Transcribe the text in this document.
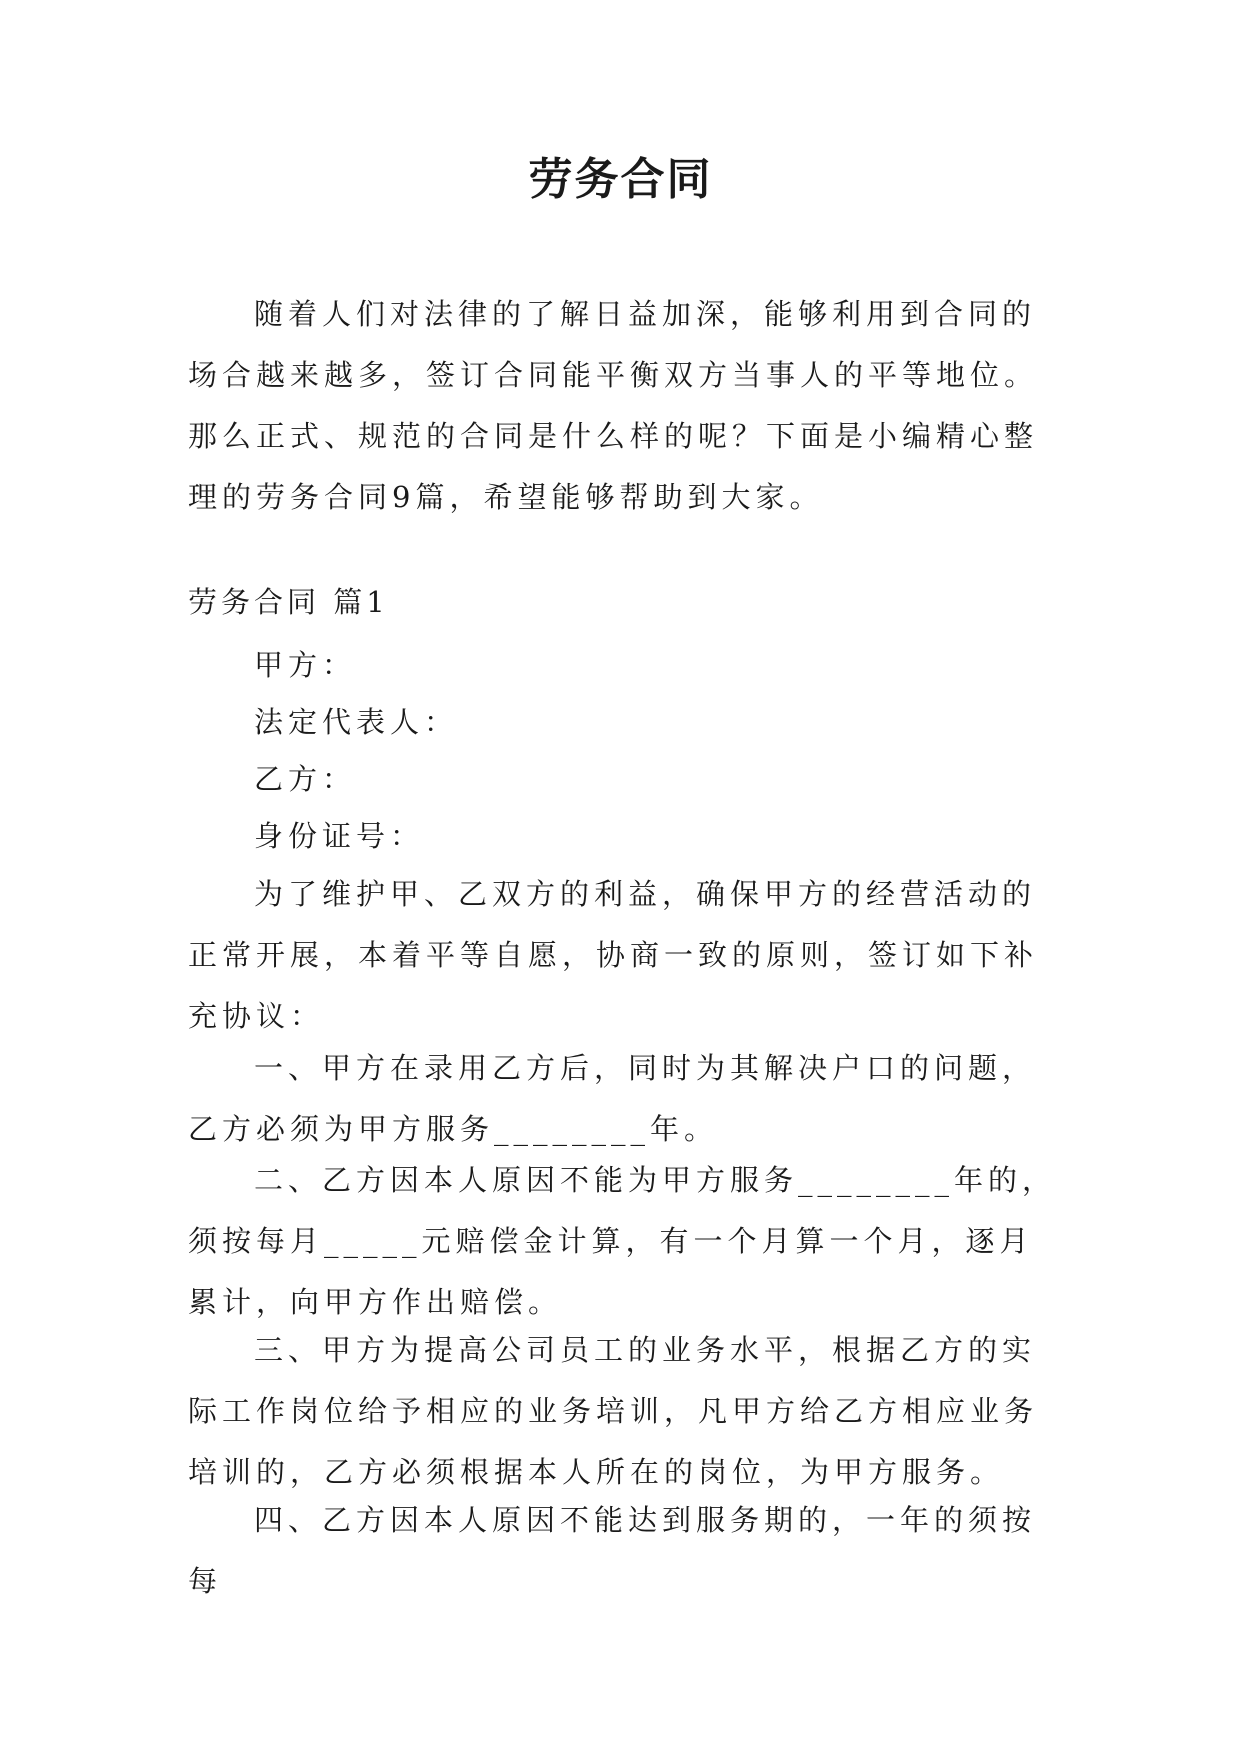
劳务合同

随着人们对法律的了解日益加深，能够利用到合同的场合越来越多，签订合同能平衡双方当事人的平等地位。那么正式、规范的合同是什么样的呢？下面是小编精心整理的劳务合同9篇，希望能够帮助到大家。

劳务合同 篇1

甲方：

法定代表人：

乙方：

身份证号：

为了维护甲、乙双方的利益，确保甲方的经营活动的正常开展，本着平等自愿，协商一致的原则，签订如下补充协议：

一、甲方在录用乙方后，同时为其解决户口的问题，乙方必须为甲方服务________年。

二、乙方因本人原因不能为甲方服务________年的，须按每月_____元赔偿金计算，有一个月算一个月，逐月累计，向甲方作出赔偿。

三、甲方为提高公司员工的业务水平，根据乙方的实际工作岗位给予相应的业务培训，凡甲方给乙方相应业务培训的，乙方必须根据本人所在的岗位，为甲方服务。

四、乙方因本人原因不能达到服务期的，一年的须按每
